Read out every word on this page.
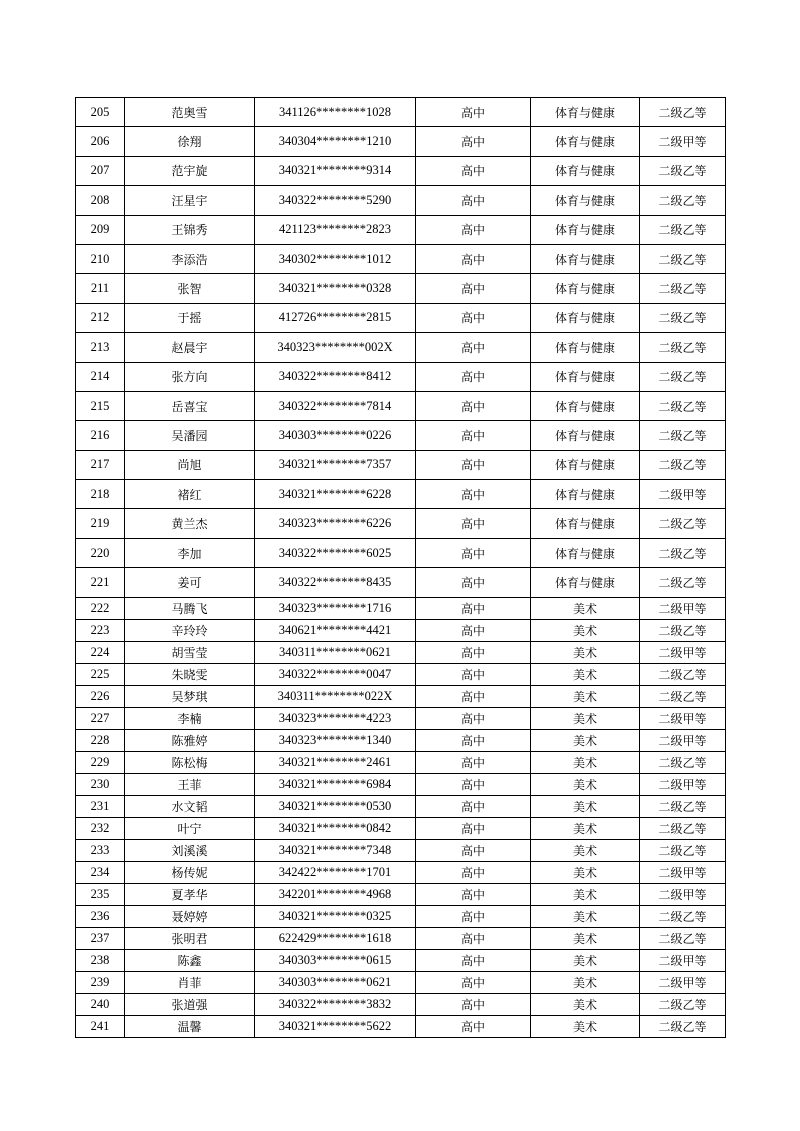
205	范奥雪	341126********1028	高中	体育与健康	二级乙等
206	徐翔	340304********1210	高中	体育与健康	二级甲等
207	范宇旋	340321********9314	高中	体育与健康	二级乙等
208	汪星宇	340322********5290	高中	体育与健康	二级乙等
209	王锦秀	421123********2823	高中	体育与健康	二级乙等
210	李添浩	340302********1012	高中	体育与健康	二级乙等
211	张智	340321********0328	高中	体育与健康	二级乙等
212	于摇	412726********2815	高中	体育与健康	二级乙等
213	赵晨宇	340323********002X	高中	体育与健康	二级乙等
214	张方向	340322********8412	高中	体育与健康	二级乙等
215	岳喜宝	340322********7814	高中	体育与健康	二级乙等
216	吴潘园	340303********0226	高中	体育与健康	二级乙等
217	尚旭	340321********7357	高中	体育与健康	二级乙等
218	褚红	340321********6228	高中	体育与健康	二级甲等
219	黄兰杰	340323********6226	高中	体育与健康	二级乙等
220	李加	340322********6025	高中	体育与健康	二级乙等
221	姜可	340322********8435	高中	体育与健康	二级乙等
222	马腾飞	340323********1716	高中	美术	二级甲等
223	辛玲玲	340621********4421	高中	美术	二级乙等
224	胡雪莹	340311********0621	高中	美术	二级甲等
225	朱晓雯	340322********0047	高中	美术	二级乙等
226	吴梦琪	340311********022X	高中	美术	二级乙等
227	李楠	340323********4223	高中	美术	二级甲等
228	陈雅婷	340323********1340	高中	美术	二级甲等
229	陈松梅	340321********2461	高中	美术	二级乙等
230	王菲	340321********6984	高中	美术	二级甲等
231	水文韬	340321********0530	高中	美术	二级乙等
232	叶宁	340321********0842	高中	美术	二级乙等
233	刘溪溪	340321********7348	高中	美术	二级乙等
234	杨传妮	342422********1701	高中	美术	二级甲等
235	夏孝华	342201********4968	高中	美术	二级甲等
236	聂婷婷	340321********0325	高中	美术	二级乙等
237	张明君	622429********1618	高中	美术	二级乙等
238	陈鑫	340303********0615	高中	美术	二级甲等
239	肖菲	340303********0621	高中	美术	二级甲等
240	张道强	340322********3832	高中	美术	二级乙等
241	温馨	340321********5622	高中	美术	二级乙等
